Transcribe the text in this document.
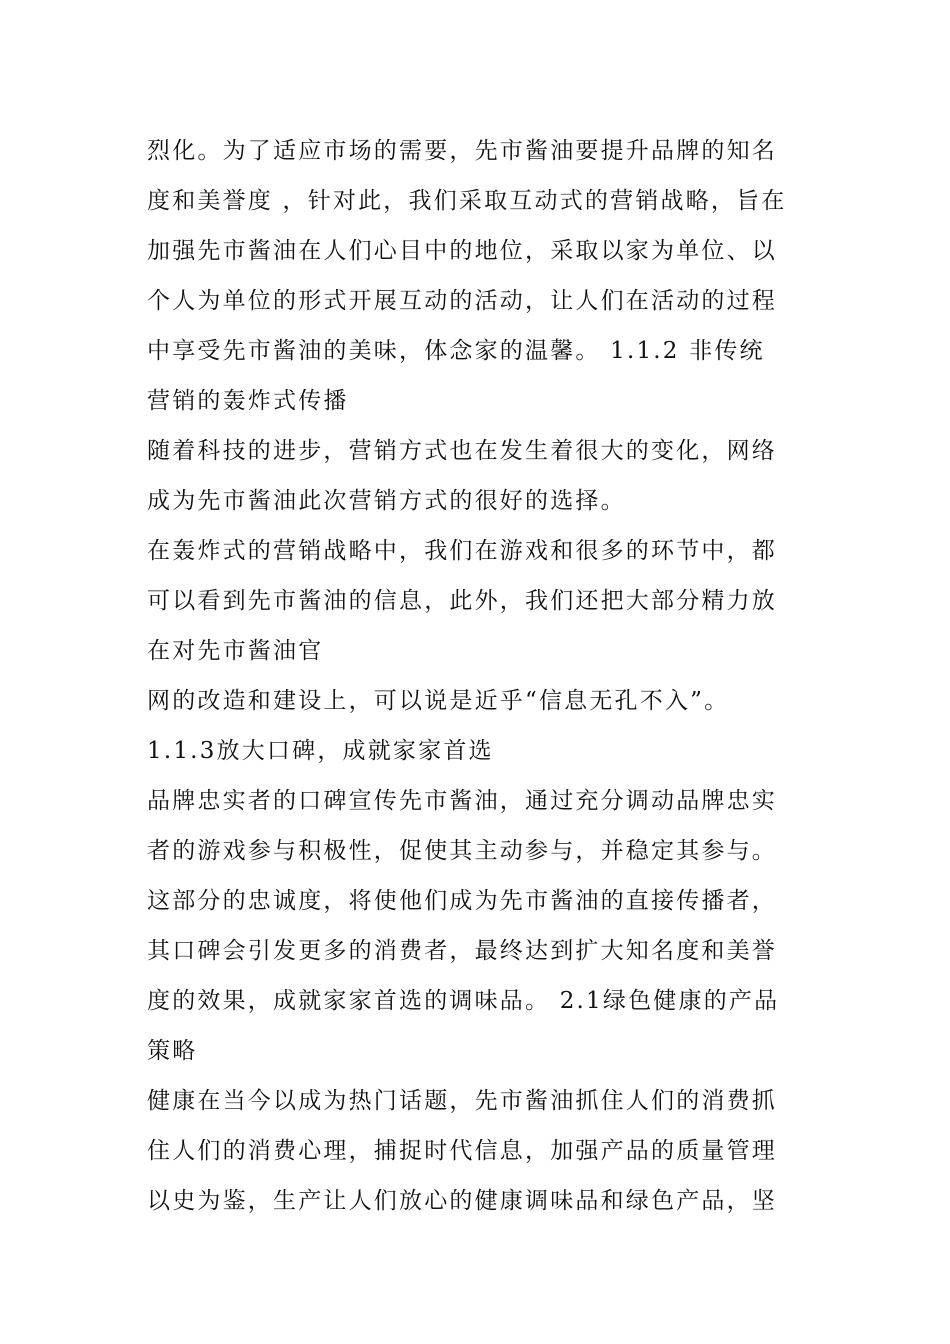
烈化。为了适应市场的需要，先市酱油要提升品牌的知名
度和美誉度 ，针对此，我们采取互动式的营销战略，旨在
加强先市酱油在人们心目中的地位，采取以家为单位、以
个人为单位的形式开展互动的活动，让人们在活动的过程
中享受先市酱油的美味，体念家的温馨。 1.1.2 非传统
营销的轰炸式传播
随着科技的进步，营销方式也在发生着很大的变化，网络
成为先市酱油此次营销方式的很好的选择。
在轰炸式的营销战略中，我们在游戏和很多的环节中，都
可以看到先市酱油的信息，此外，我们还把大部分精力放
在对先市酱油官
网的改造和建设上，可以说是近乎“信息无孔不入”。
1.1.3放大口碑，成就家家首选
品牌忠实者的口碑宣传先市酱油，通过充分调动品牌忠实
者的游戏参与积极性，促使其主动参与，并稳定其参与。
这部分的忠诚度，将使他们成为先市酱油的直接传播者，
其口碑会引发更多的消费者，最终达到扩大知名度和美誉
度的效果，成就家家首选的调味品。 2.1绿色健康的产品
策略
健康在当今以成为热门话题，先市酱油抓住人们的消费抓
住人们的消费心理，捕捉时代信息，加强产品的质量管理
以史为鉴，生产让人们放心的健康调味品和绿色产品，坚
